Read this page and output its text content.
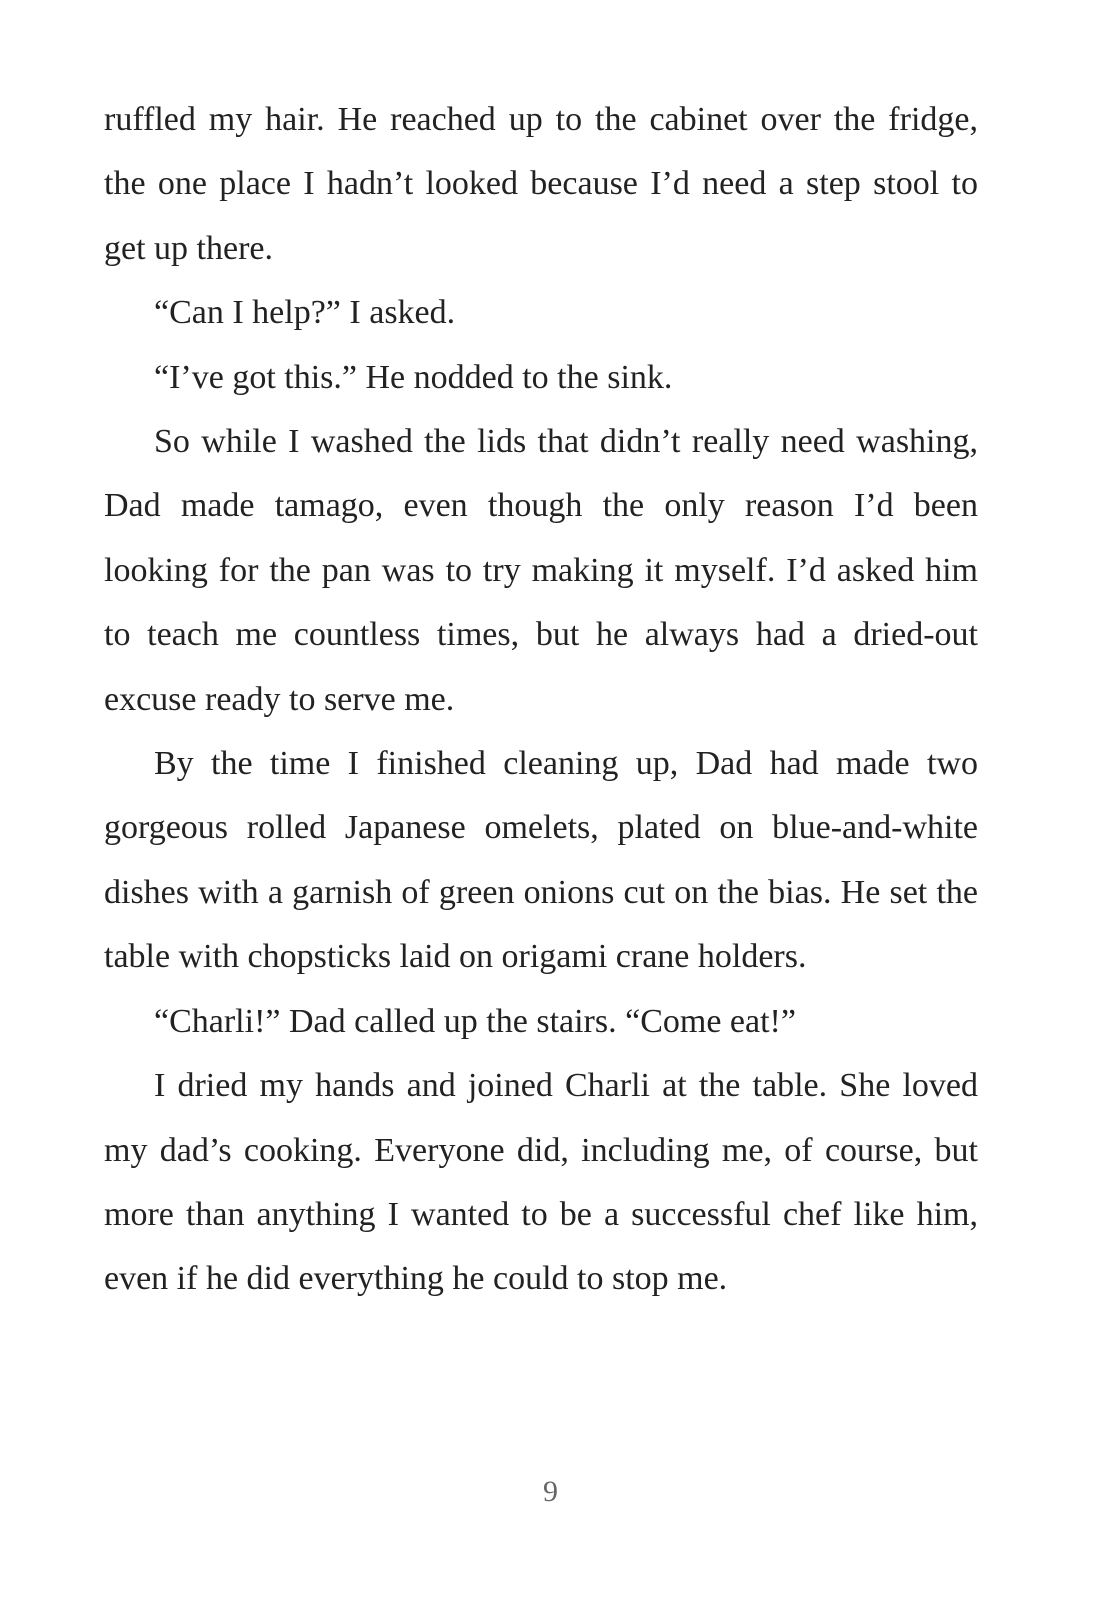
ruffled my hair. He reached up to the cabinet over the fridge, the one place I hadn’t looked because I’d need a step stool to get up there.

“Can I help?” I asked.

“I’ve got this.” He nodded to the sink.

So while I washed the lids that didn’t really need washing, Dad made tamago, even though the only reason I’d been looking for the pan was to try making it myself. I’d asked him to teach me countless times, but he always had a dried-out excuse ready to serve me.

By the time I finished cleaning up, Dad had made two gorgeous rolled Japanese omelets, plated on blue-and-white dishes with a garnish of green onions cut on the bias. He set the table with chopsticks laid on origami crane holders.

“Charli!” Dad called up the stairs. “Come eat!”

I dried my hands and joined Charli at the table. She loved my dad’s cooking. Everyone did, including me, of course, but more than anything I wanted to be a successful chef like him, even if he did everything he could to stop me.

9
